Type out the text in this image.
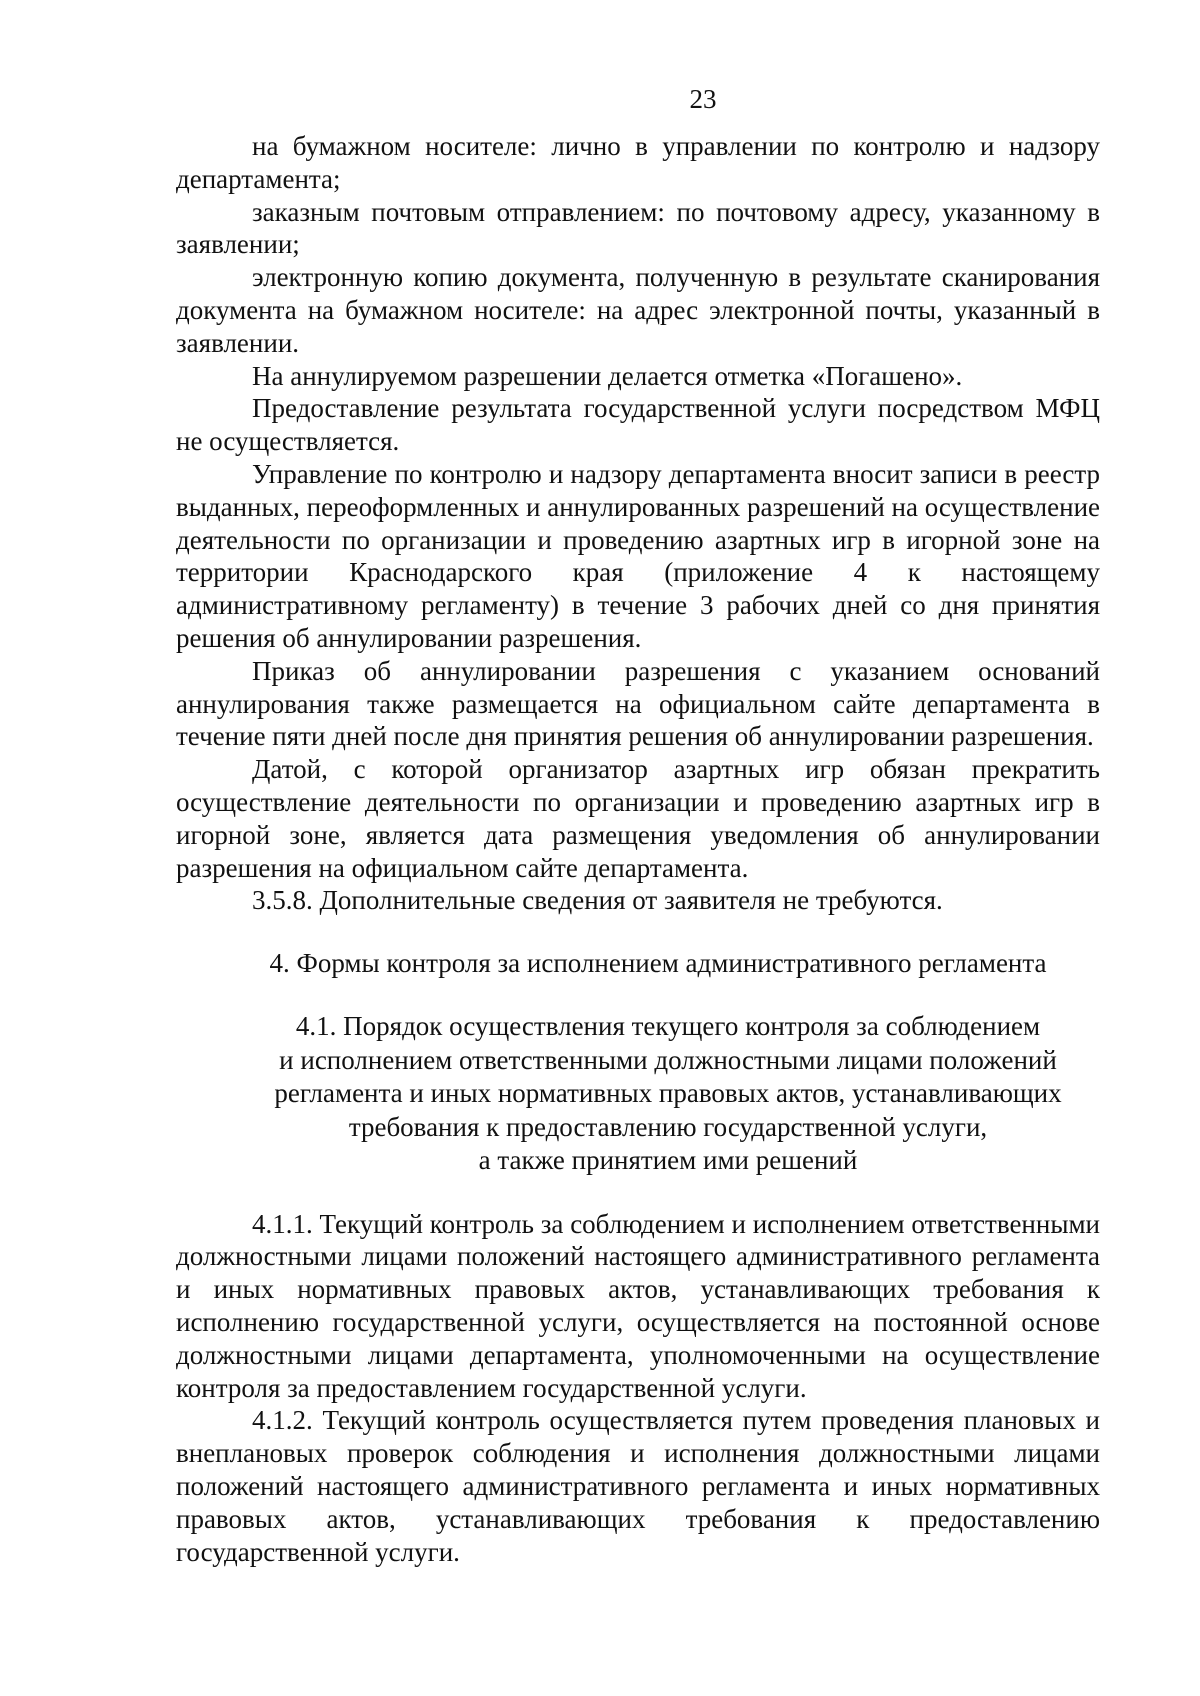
23

на бумажном носителе: лично в управлении по контролю и надзору департамента;

заказным почтовым отправлением: по почтовому адресу, указанному в заявлении;

электронную копию документа, полученную в результате сканирования документа на бумажном носителе: на адрес электронной почты, указанный в заявлении.

На аннулируемом разрешении делается отметка «Погашено».

Предоставление результата государственной услуги посредством МФЦ не осуществляется.

Управление по контролю и надзору департамента вносит записи в реестр выданных, переоформленных и аннулированных разрешений на осуществление деятельности по организации и проведению азартных игр в игорной зоне на территории Краснодарского края (приложение 4 к настоящему административному регламенту) в течение 3 рабочих дней со дня принятия решения об аннулировании разрешения.

Приказ об аннулировании разрешения с указанием оснований аннулирования также размещается на официальном сайте департамента в течение пяти дней после дня принятия решения об аннулировании разрешения.

Датой, с которой организатор азартных игр обязан прекратить осуществление деятельности по организации и проведению азартных игр в игорной зоне, является дата размещения уведомления об аннулировании разрешения на официальном сайте департамента.

3.5.8. Дополнительные сведения от заявителя не требуются.

4. Формы контроля за исполнением административного регламента
4.1. Порядок осуществления текущего контроля за соблюдением
и исполнением ответственными должностными лицами положений
регламента и иных нормативных правовых актов, устанавливающих
требования к предоставлению государственной услуги,
а также принятием ими решений

4.1.1. Текущий контроль за соблюдением и исполнением ответственными должностными лицами положений настоящего административного регламента и иных нормативных правовых актов, устанавливающих требования к исполнению государственной услуги, осуществляется на постоянной основе должностными лицами департамента, уполномоченными на осуществление контроля за предоставлением государственной услуги.

4.1.2. Текущий контроль осуществляется путем проведения плановых и внеплановых проверок соблюдения и исполнения должностными лицами положений настоящего административного регламента и иных нормативных правовых актов, устанавливающих требования к предоставлению государственной услуги.
